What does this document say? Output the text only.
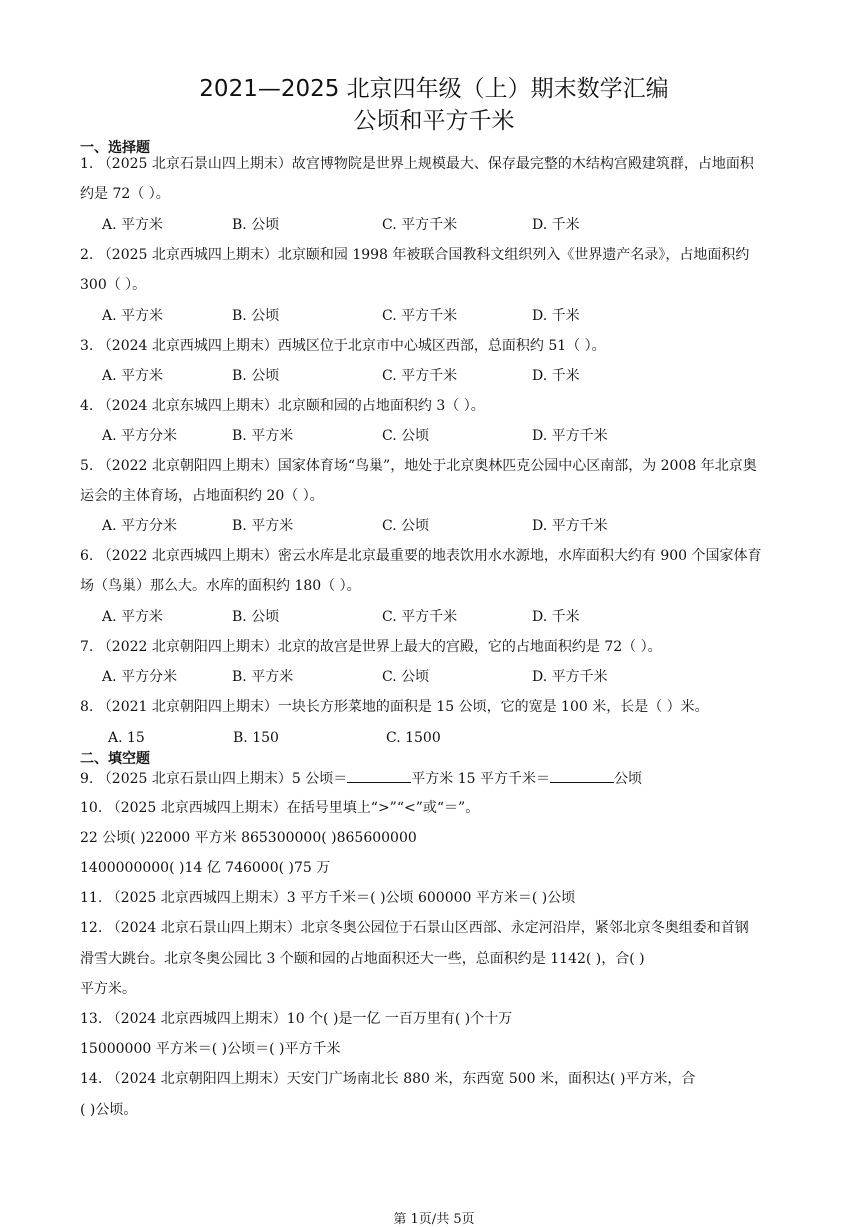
2021—2025 北京四年级（上）期末数学汇编
公顷和平方千米
一、选择题
1. （2025 北京石景山四上期末）故宫博物院是世界上规模最大、保存最完整的木结构宫殿建筑群，占地面积
约是 72（ ）。
A. 平方米	B. 公顷	C. 平方千米	D. 千米
2. （2025 北京西城四上期末）北京颐和园 1998 年被联合国教科文组织列入《世界遗产名录》，占地面积约
300（ ）。
A. 平方米	B. 公顷	C. 平方千米	D. 千米
3. （2024 北京西城四上期末）西城区位于北京市中心城区西部，总面积约 51（ ）。
A. 平方米	B. 公顷	C. 平方千米	D. 千米
4. （2024 北京东城四上期末）北京颐和园的占地面积约 3（ ）。
A. 平方分米	B. 平方米	C. 公顷	D. 平方千米
5. （2022 北京朝阳四上期末）国家体育场“鸟巢”，地处于北京奥林匹克公园中心区南部，为 2008 年北京奥
运会的主体育场，占地面积约 20（ ）。
A. 平方分米	B. 平方米	C. 公顷	D. 平方千米
6. （2022 北京西城四上期末）密云水库是北京最重要的地表饮用水水源地，水库面积大约有 900 个国家体育
场（鸟巢）那么大。水库的面积约 180（ ）。
A. 平方米	B. 公顷	C. 平方千米	D. 千米
7. （2022 北京朝阳四上期末）北京的故宫是世界上最大的宫殿，它的占地面积约是 72（ ）。
A. 平方分米	B. 平方米	C. 公顷	D. 平方千米
8. （2021 北京朝阳四上期末）一块长方形菜地的面积是 15 公顷，它的宽是 100 米，长是（ ）米。
A. 15	B. 150	C. 1500
二、填空题
9. （2025 北京石景山四上期末）5 公顷＝	平方米 15 平方千米＝	公顷
10. （2025 北京西城四上期末）在括号里填上“>”“<”或“＝”。
22 公顷( )22000 平方米 865300000( )865600000
1400000000( )14 亿 746000( )75 万
11. （2025 北京西城四上期末）3 平方千米＝( )公顷 600000 平方米＝( )公顷
12. （2024 北京石景山四上期末）北京冬奥公园位于石景山区西部、永定河沿岸，紧邻北京冬奥组委和首钢
滑雪大跳台。北京冬奥公园比 3 个颐和园的占地面积还大一些，总面积约是 1142( )，合( )
平方米。
13. （2024 北京西城四上期末）10 个( )是一亿 一百万里有( )个十万
15000000 平方米＝( )公顷＝( )平方千米
14. （2024 北京朝阳四上期末）天安门广场南北长 880 米，东西宽 500 米，面积达( )平方米，合
( )公顷。
第 1页/共 5页
